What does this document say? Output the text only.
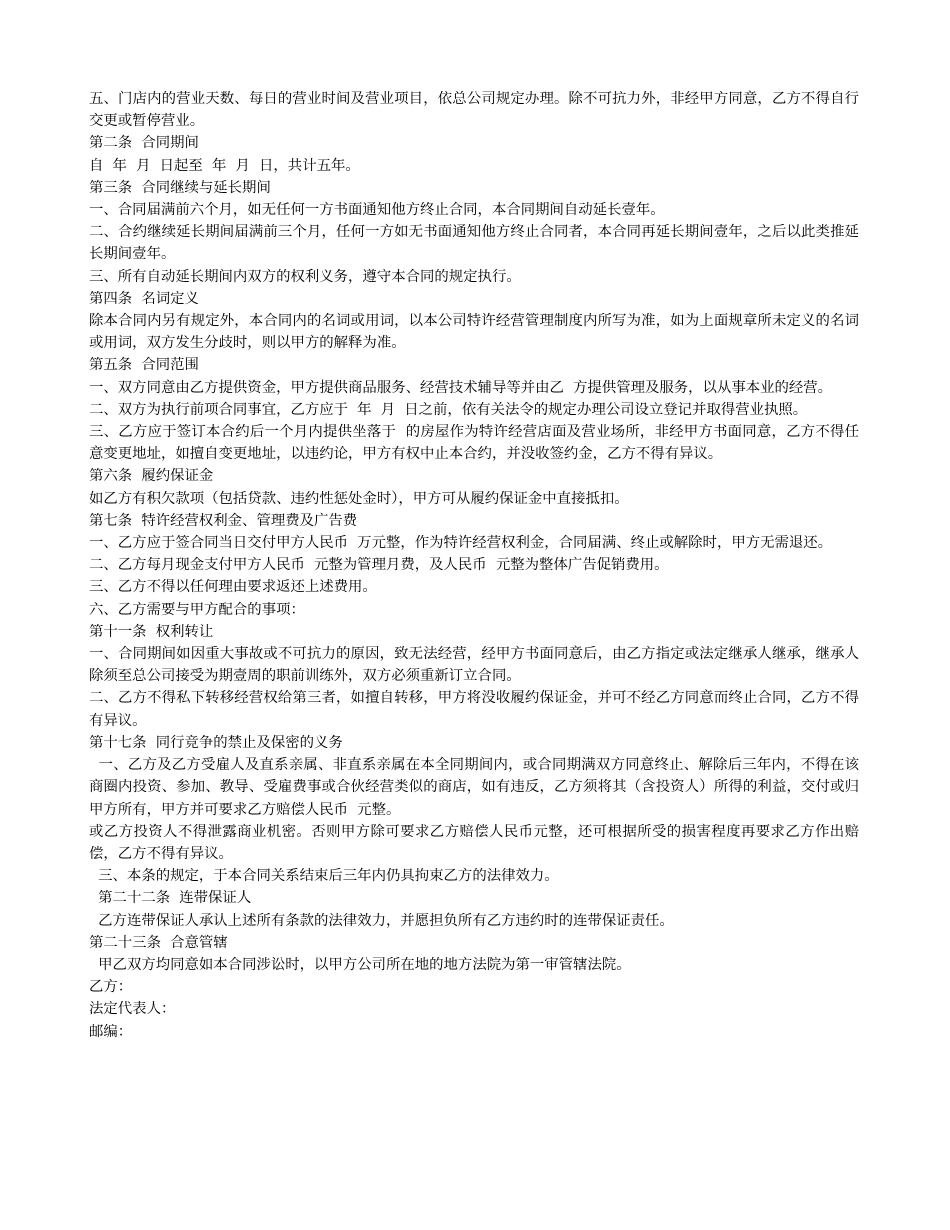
五、门店内的营业天数、每日的营业时间及营业项目，依总公司规定办理。除不可抗力外，非经甲方同意，乙方不得自行交更或暂停营业。

第二条  合同期间

自  年  月  日起至  年  月  日，共计五年。

第三条  合同继续与延长期间

一、合同届满前六个月，如无任何一方书面通知他方终止合同，本合同期间自动延长壹年。

二、合约继续延长期间届满前三个月，任何一方如无书面通知他方终止合同者，本合同再延长期间壹年，之后以此类推延长期间壹年。

三、所有自动延长期间内双方的权利义务，遵守本合同的规定执行。

第四条  名词定义

除本合同内另有规定外，本合同内的名词或用词，以本公司特许经营管理制度内所写为准，如为上面规章所未定义的名词或用词，双方发生分歧时，则以甲方的解释为准。

第五条  合同范围

一、双方同意由乙方提供资金，甲方提供商品服务、经营技术辅导等并由乙  方提供管理及服务，以从事本业的经营。

二、双方为执行前项合同事宜，乙方应于  年  月  日之前，依有关法令的规定办理公司设立登记并取得营业执照。

三、乙方应于签订本合约后一个月内提供坐落于  的房屋作为特许经营店面及营业场所，非经甲方书面同意，乙方不得任意变更地址，如擅自变更地址，以违约论，甲方有权中止本合约，并没收签约金，乙方不得有异议。

第六条  履约保证金

如乙方有积欠款项（包括贷款、违约性惩处金时），甲方可从履约保证金中直接抵扣。

第七条  特许经营权利金、管理费及广告费

一、乙方应于签合同当日交付甲方人民币  万元整，作为特许经营权利金，合同届满、终止或解除时，甲方无需退还。

二、乙方每月现金支付甲方人民币  元整为管理月费，及人民币  元整为整体广告促销费用。

三、乙方不得以任何理由要求返还上述费用。

六、乙方需要与甲方配合的事项：

第十一条  权利转让

一、合同期间如因重大事故或不可抗力的原因，致无法经营，经甲方书面同意后，由乙方指定或法定继承人继承，继承人除须至总公司接受为期壹周的职前训练外，双方必须重新订立合同。

二、乙方不得私下转移经营权给第三者，如擅自转移，甲方将没收履约保证金，并可不经乙方同意而终止合同，乙方不得有异议。

第十七条  同行竞争的禁止及保密的义务

一、乙方及乙方受雇人及直系亲属、非直系亲属在本全同期间内，或合同期满双方同意终止、解除后三年内，不得在该商圈内投资、参加、教导、受雇费事或合伙经营类似的商店，如有违反，乙方须将其（含投资人）所得的利益，交付或归甲方所有，甲方并可要求乙方赔偿人民币  元整。

或乙方投资人不得泄露商业机密。否则甲方除可要求乙方赔偿人民币元整，还可根据所受的损害程度再要求乙方作出赔偿，乙方不得有异议。

三、本条的规定，于本合同关系结束后三年内仍具拘束乙方的法律效力。

第二十二条  连带保证人

乙方连带保证人承认上述所有条款的法律效力，并愿担负所有乙方违约时的连带保证责任。

第二十三条  合意管辖

甲乙双方均同意如本合同涉讼时，以甲方公司所在地的地方法院为第一审管辖法院。

乙方：

法定代表人：

邮编：
